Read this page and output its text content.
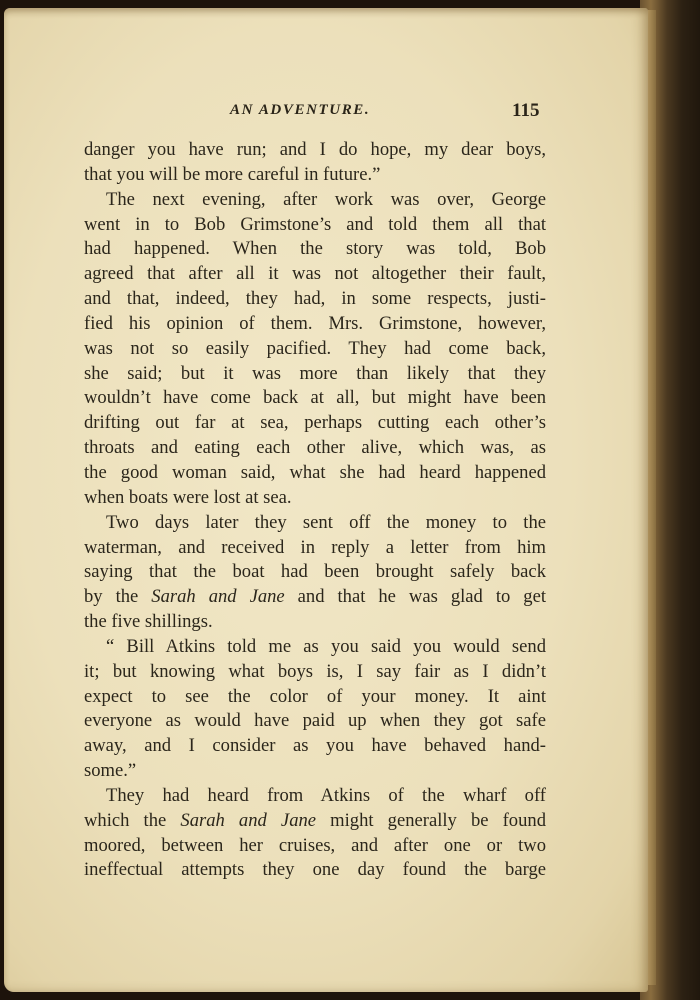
AN ADVENTURE.	115
danger you have run; and I do hope, my dear boys,
that you will be more careful in future.”
The next evening, after work was over, George
went in to Bob Grimstone’s and told them all that
had happened. When the story was told, Bob
agreed that after all it was not altogether their fault,
and that, indeed, they had, in some respects, justi-
fied his opinion of them. Mrs. Grimstone, however,
was not so easily pacified. They had come back,
she said; but it was more than likely that they
wouldn’t have come back at all, but might have been
drifting out far at sea, perhaps cutting each other’s
throats and eating each other alive, which was, as
the good woman said, what she had heard happened
when boats were lost at sea.
Two days later they sent off the money to the
waterman, and received in reply a letter from him
saying that the boat had been brought safely back
by the Sarah and Jane and that he was glad to get
the five shillings.
“ Bill Atkins told me as you said you would send
it; but knowing what boys is, I say fair as I didn’t
expect to see the color of your money. It aint
everyone as would have paid up when they got safe
away, and I consider as you have behaved hand-
some.”
They had heard from Atkins of the wharf off
which the Sarah and Jane might generally be found
moored, between her cruises, and after one or two
ineffectual attempts they one day found the barge
